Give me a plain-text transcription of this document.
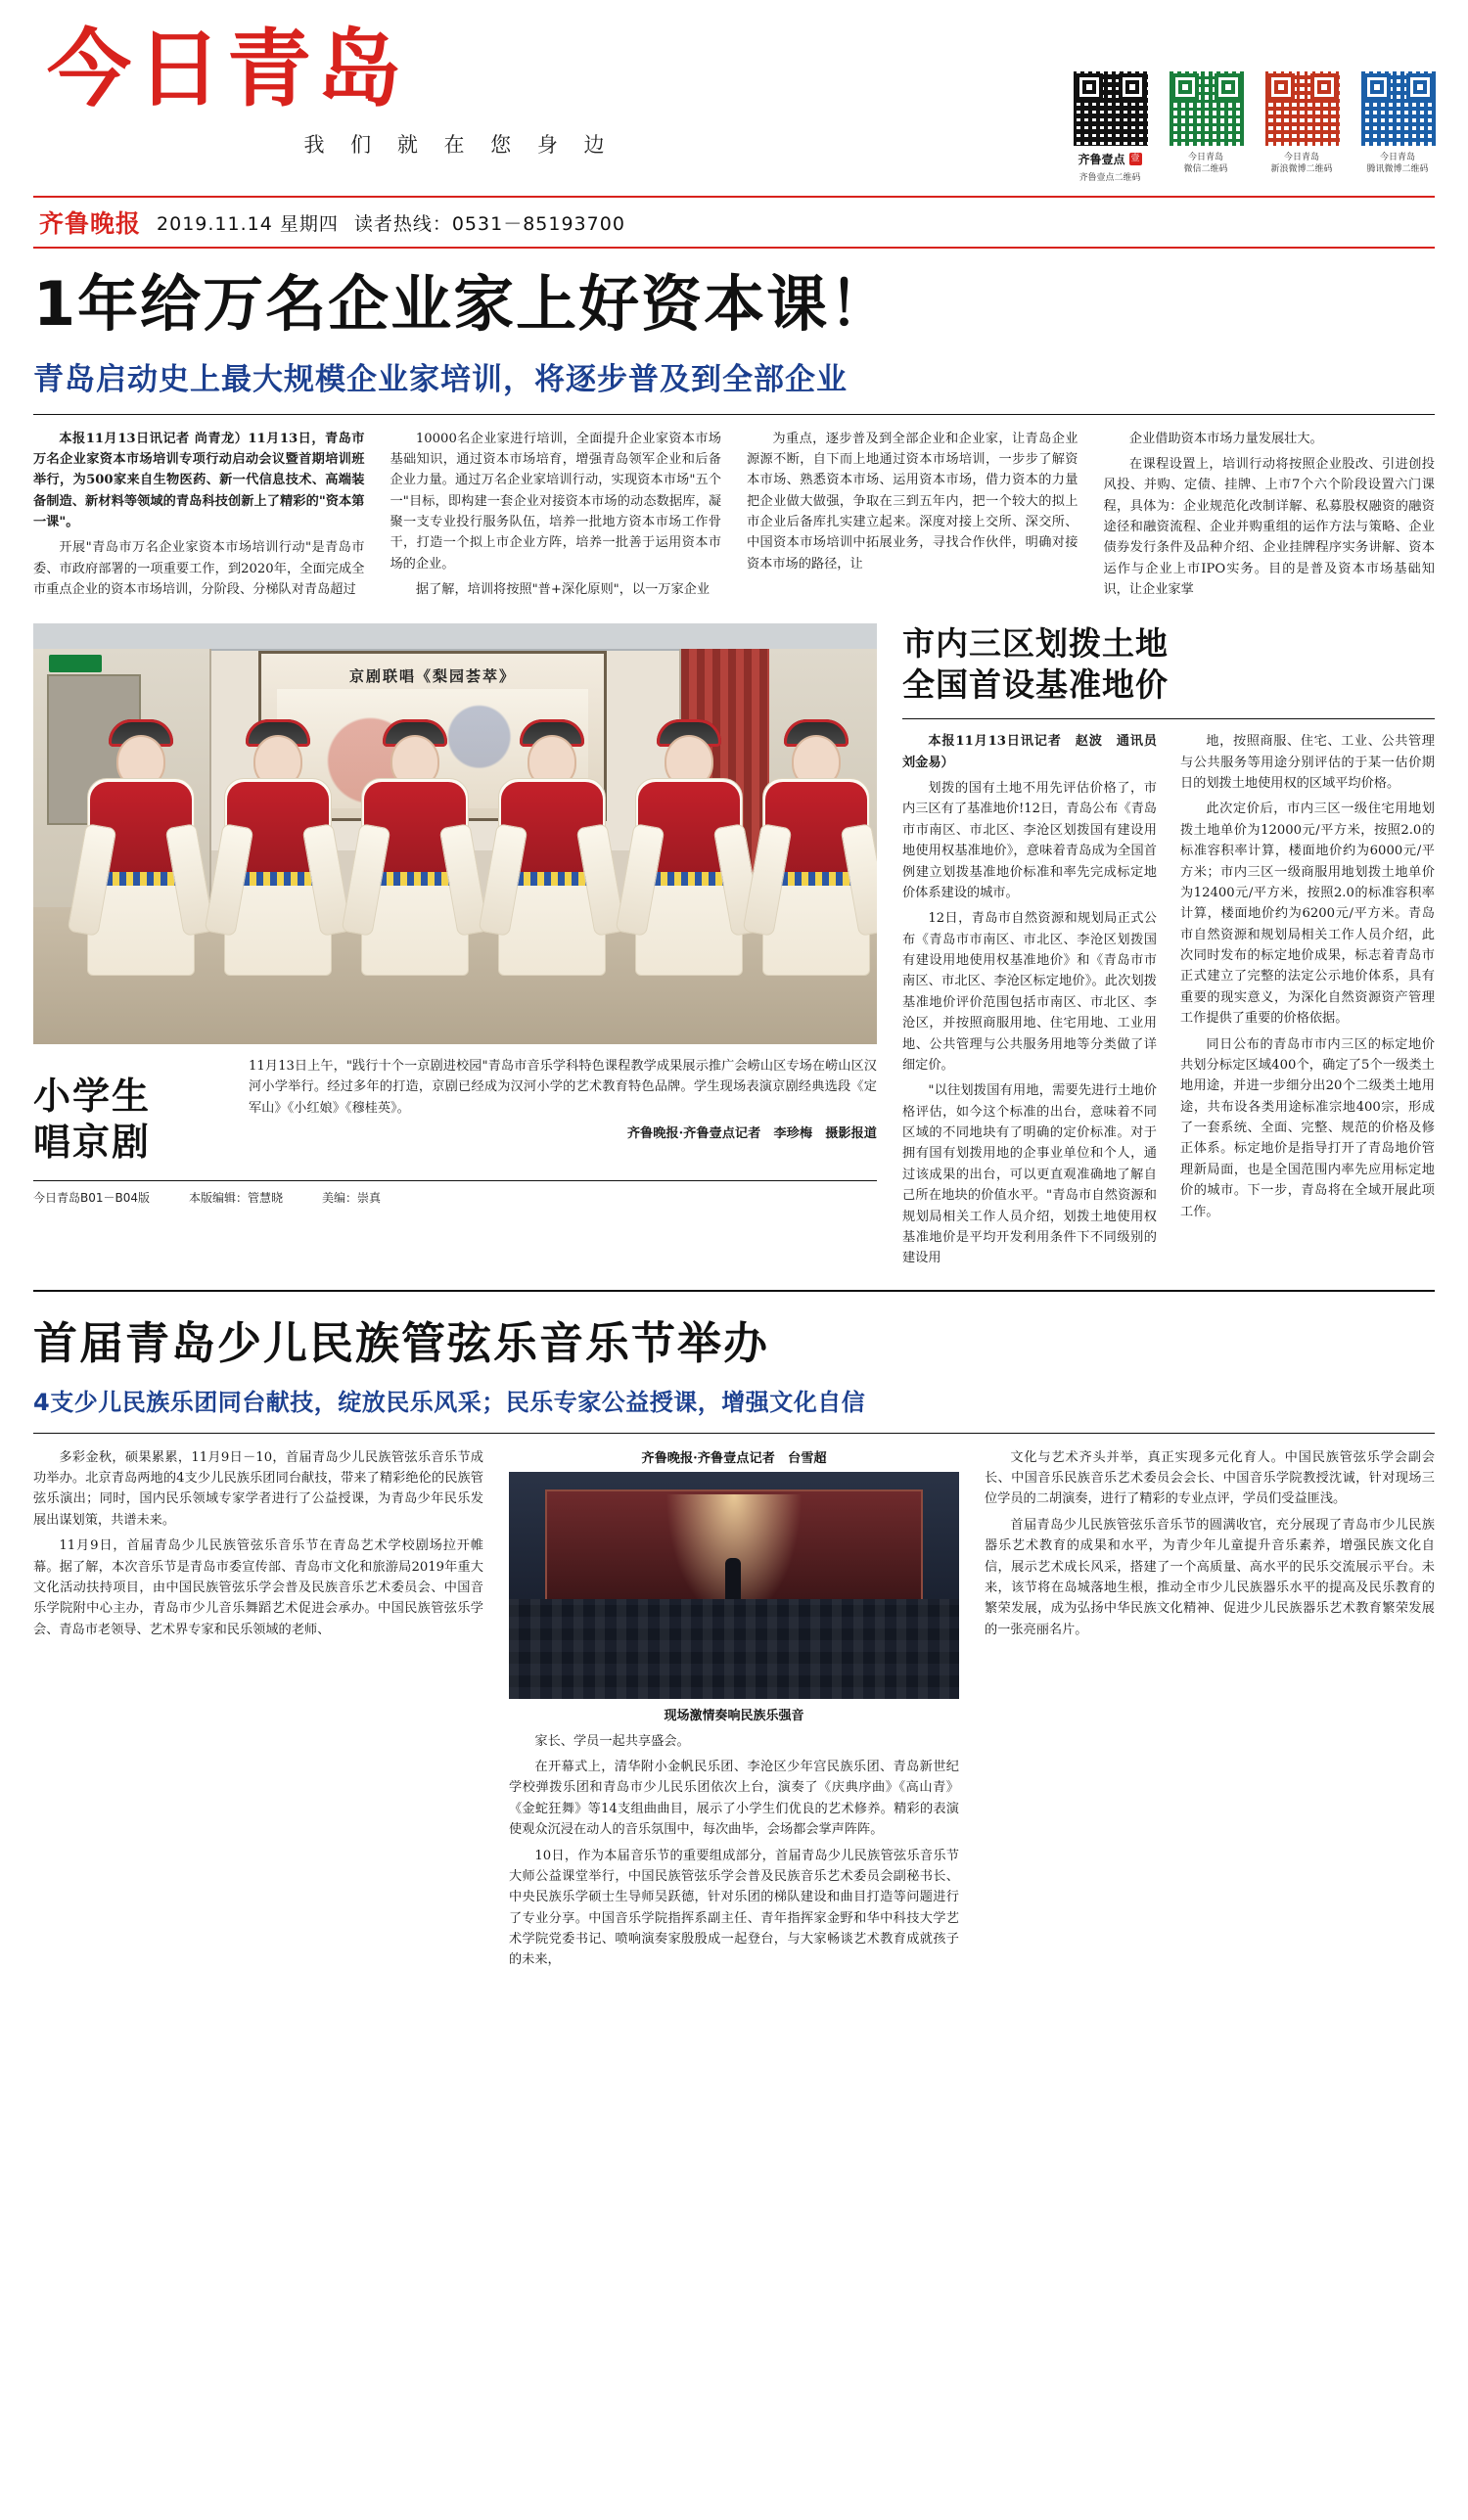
今日青岛
我 们 就 在 您 身 边
齐鲁壹点 壹
齐鲁壹点二维码
今日青岛
微信二维码
今日青岛
新浪微博二维码
今日青岛
腾讯微博二维码
齐鲁晚报 2019.11.14 星期四 读者热线：0531－85193700
1年给万名企业家上好资本课！
青岛启动史上最大规模企业家培训，将逐步普及到全部企业

本报11月13日讯记者 尚青龙）11月13日，青岛市万名企业家资本市场培训专项行动启动会议暨首期培训班举行，为500家来自生物医药、新一代信息技术、高端装备制造、新材料等领域的青岛科技创新上了精彩的"资本第一课"。

开展"青岛市万名企业家资本市场培训行动"是青岛市委、市政府部署的一项重要工作，到2020年，全面完成全市重点企业的资本市场培训，分阶段、分梯队对青岛超过

10000名企业家进行培训，全面提升企业家资本市场基础知识，通过资本市场培育，增强青岛领军企业和后备企业力量。通过万名企业家培训行动，实现资本市场"五个一"目标，即构建一套企业对接资本市场的动态数据库，凝聚一支专业投行服务队伍，培养一批地方资本市场工作骨干，打造一个拟上市企业方阵，培养一批善于运用资本市场的企业。

据了解，培训将按照"普+深化原则"，以一万家企业

为重点，逐步普及到全部企业和企业家，让青岛企业源源不断，自下而上地通过资本市场培训，一步步了解资本市场、熟悉资本市场、运用资本市场，借力资本的力量把企业做大做强，争取在三到五年内，把一个较大的拟上市企业后备库扎实建立起来。深度对接上交所、深交所、中国资本市场培训中拓展业务，寻找合作伙伴，明确对接资本市场的路径，让

企业借助资本市场力量发展壮大。

在课程设置上，培训行动将按照企业股改、引进创投风投、并购、定债、挂牌、上市7个六个阶段设置六门课程，具体为：企业规范化改制详解、私募股权融资的融资途径和融资流程、企业并购重组的运作方法与策略、企业债券发行条件及品种介绍、企业挂牌程序实务讲解、资本运作与企业上市IPO实务。目的是普及资本市场基础知识，让企业家掌

京剧联唱《梨园荟萃》
小学生
唱京剧
11月13日上午，"践行十个一京剧进校园"青岛市音乐学科特色课程教学成果展示推广会崂山区专场在崂山区汉河小学举行。经过多年的打造，京剧已经成为汉河小学的艺术教育特色品牌。学生现场表演京剧经典选段《定军山》《小红娘》《穆桂英》。
齐鲁晚报·齐鲁壹点记者　李珍梅　摄影报道
今日青岛B01－B04版	本版编辑：管慧晓	美编：崇真
市内三区划拨土地
全国首设基准地价

本报11月13日讯记者　赵波　通讯员　刘金易）

划拨的国有土地不用先评估价格了，市内三区有了基准地价!12日，青岛公布《青岛市市南区、市北区、李沧区划拨国有建设用地使用权基准地价》，意味着青岛成为全国首例建立划拨基准地价标准和率先完成标定地价体系建设的城市。

12日，青岛市自然资源和规划局正式公布《青岛市市南区、市北区、李沧区划拨国有建设用地使用权基准地价》和《青岛市市南区、市北区、李沧区标定地价》。此次划拨基准地价评价范围包括市南区、市北区、李沧区，并按照商服用地、住宅用地、工业用地、公共管理与公共服务用地等分类做了详细定价。

"以往划拨国有用地，需要先进行土地价格评估，如今这个标准的出台，意味着不同区域的不同地块有了明确的定价标准。对于拥有国有划拨用地的企事业单位和个人，通过该成果的出台，可以更直观准确地了解自己所在地块的价值水平。"青岛市自然资源和规划局相关工作人员介绍，划拨土地使用权基准地价是平均开发利用条件下不同级别的建设用

地，按照商服、住宅、工业、公共管理与公共服务等用途分别评估的于某一估价期日的划拨土地使用权的区域平均价格。

此次定价后，市内三区一级住宅用地划拨土地单价为12000元/平方米，按照2.0的标准容积率计算，楼面地价约为6000元/平方米；市内三区一级商服用地划拨土地单价为12400元/平方米，按照2.0的标准容积率计算，楼面地价约为6200元/平方米。青岛市自然资源和规划局相关工作人员介绍，此次同时发布的标定地价成果，标志着青岛市正式建立了完整的法定公示地价体系，具有重要的现实意义，为深化自然资源资产管理工作提供了重要的价格依据。

同日公布的青岛市市内三区的标定地价共划分标定区域400个，确定了5个一级类土地用途，并进一步细分出20个二级类土地用途，共布设各类用途标准宗地400宗，形成了一套系统、全面、完整、规范的价格及修正体系。标定地价是指导打开了青岛地价管理新局面，也是全国范围内率先应用标定地价的城市。下一步，青岛将在全域开展此项工作。

首届青岛少儿民族管弦乐音乐节举办
4支少儿民族乐团同台献技，绽放民乐风采；民乐专家公益授课，增强文化自信

多彩金秋，硕果累累，11月9日－10，首届青岛少儿民族管弦乐音乐节成功举办。北京青岛两地的4支少儿民族乐团同台献技，带来了精彩绝伦的民族管弦乐演出；同时，国内民乐领域专家学者进行了公益授课，为青岛少年民乐发展出谋划策，共谱未来。

11月9日，首届青岛少儿民族管弦乐音乐节在青岛艺术学校剧场拉开帷幕。据了解，本次音乐节是青岛市委宣传部、青岛市文化和旅游局2019年重大文化活动扶持项目，由中国民族管弦乐学会普及民族音乐艺术委员会、中国音乐学院附中心主办，青岛市少儿音乐舞蹈艺术促进会承办。中国民族管弦乐学会、青岛市老领导、艺术界专家和民乐领域的老师、

齐鲁晚报·齐鲁壹点记者　台雪超
现场激情奏响民族乐强音

家长、学员一起共享盛会。

在开幕式上，清华附小金帆民乐团、李沧区少年宫民族乐团、青岛新世纪学校弹拨乐团和青岛市少儿民乐团依次上台，演奏了《庆典序曲》《高山青》《金蛇狂舞》等14支组曲曲目，展示了小学生们优良的艺术修养。精彩的表演使观众沉浸在动人的音乐氛围中，每次曲毕，会场都会掌声阵阵。

10日，作为本届音乐节的重要组成部分，首届青岛少儿民族管弦乐音乐节大师公益课堂举行，中国民族管弦乐学会普及民族音乐艺术委员会副秘书长、中央民族乐学硕士生导师吴跃德，针对乐团的梯队建设和曲目打造等问题进行了专业分享。中国音乐学院指挥系副主任、青年指挥家金野和华中科技大学艺术学院党委书记、喷响演奏家殷殷成一起登台，与大家畅谈艺术教育成就孩子的未来，

文化与艺术齐头并举，真正实现多元化育人。中国民族管弦乐学会副会长、中国音乐民族音乐艺术委员会会长、中国音乐学院教授沈诚，针对现场三位学员的二胡演奏，进行了精彩的专业点评，学员们受益匪浅。

首届青岛少儿民族管弦乐音乐节的圆满收官，充分展现了青岛市少儿民族器乐艺术教育的成果和水平，为青少年儿童提升音乐素养，增强民族文化自信，展示艺术成长风采，搭建了一个高质量、高水平的民乐交流展示平台。未来，该节将在岛城落地生根，推动全市少儿民族器乐水平的提高及民乐教育的繁荣发展，成为弘扬中华民族文化精神、促进少儿民族器乐艺术教育繁荣发展的一张亮丽名片。
